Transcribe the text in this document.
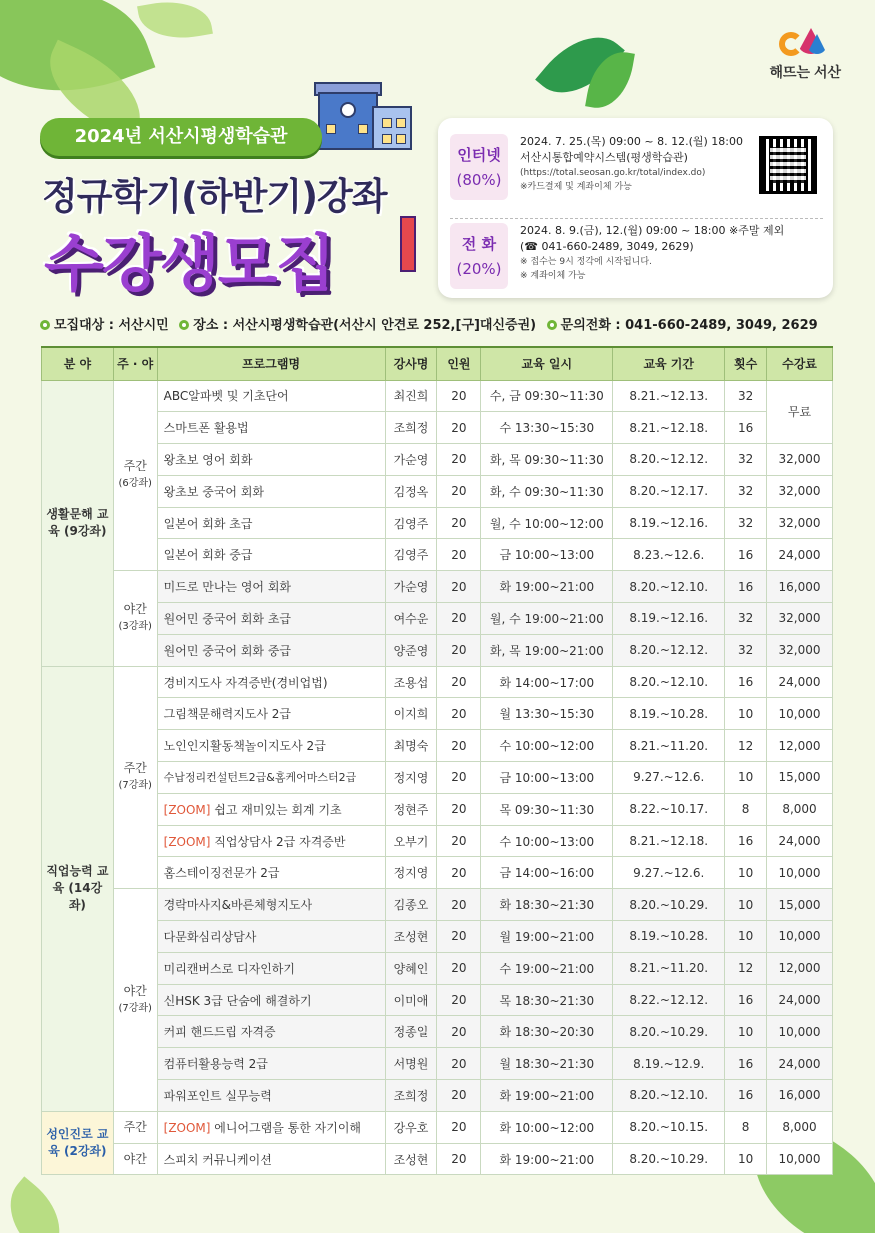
해뜨는 서산
2024년 서산시평생학습관
정규학기(하반기)강좌
수강생모집
인터넷
(80%)
2024. 7. 25.(목) 09:00 ~ 8. 12.(월) 18:00
서산시통합예약시스템(평생학습관)
(https://total.seosan.go.kr/total/index.do)
※카드결제 및 계좌이체 가능
전 화
(20%)
2024. 8. 9.(금), 12.(월) 09:00 ~ 18:00 ※주말 제외
(☎ 041-660-2489, 3049, 2629)
※ 접수는 9시 정각에 시작됩니다.
※ 계좌이체 가능
모집대상 : 서산시민 장소 : 서산시평생학습관(서산시 안견로 252,[구]대신증권) 문의전화 : 041-660-2489, 3049, 2629
분 야	주 · 야	프로그램명	강사명	인원	교육 일시	교육 기간	횟수	수강료
생활문해 교 육 (9강좌)	주간
(6강좌)	ABC알파벳 및 기초단어	최진희	20	수, 금 09:30~11:30	8.21.~12.13.	32	무료
		스마트폰 활용법	조희정	20	수 13:30~15:30	8.21.~12.18.	16	
		왕초보 영어 회화	가순영	20	화, 목 09:30~11:30	8.20.~12.12.	32	32,000
		왕초보 중국어 회화	김정옥	20	화, 수 09:30~11:30	8.20.~12.17.	32	32,000
		일본어 회화 초급	김영주	20	월, 수 10:00~12:00	8.19.~12.16.	32	32,000
		일본어 회화 중급	김영주	20	금 10:00~13:00	8.23.~12.6.	16	24,000
	야간
(3강좌)	미드로 만나는 영어 회화	가순영	20	화 19:00~21:00	8.20.~12.10.	16	16,000
		원어민 중국어 회화 초급	여수운	20	월, 수 19:00~21:00	8.19.~12.16.	32	32,000
		원어민 중국어 회화 중급	양준영	20	화, 목 19:00~21:00	8.20.~12.12.	32	32,000
직업능력 교 육 (14강좌)	주간
(7강좌)	경비지도사 자격증반(경비업법)	조용섭	20	화 14:00~17:00	8.20.~12.10.	16	24,000
		그림책문해력지도사 2급	이지희	20	월 13:30~15:30	8.19.~10.28.	10	10,000
		노인인지활동책놀이지도사 2급	최명숙	20	수 10:00~12:00	8.21.~11.20.	12	12,000
		수납정리컨설턴트2급&홈케어마스터2급	정지영	20	금 10:00~13:00	9.27.~12.6.	10	15,000
		[ZOOM] 쉽고 재미있는 회계 기초	정현주	20	목 09:30~11:30	8.22.~10.17.	8	8,000
		[ZOOM] 직업상담사 2급 자격증반	오부기	20	수 10:00~13:00	8.21.~12.18.	16	24,000
		홈스테이징전문가 2급	정지영	20	금 14:00~16:00	9.27.~12.6.	10	10,000
	야간
(7강좌)	경락마사지&바른체형지도사	김종오	20	화 18:30~21:30	8.20.~10.29.	10	15,000
		다문화심리상담사	조성현	20	월 19:00~21:00	8.19.~10.28.	10	10,000
		미리캔버스로 디자인하기	양혜인	20	수 19:00~21:00	8.21.~11.20.	12	12,000
		신HSK 3급 단숨에 해결하기	이미애	20	목 18:30~21:30	8.22.~12.12.	16	24,000
		커피 핸드드립 자격증	정종일	20	화 18:30~20:30	8.20.~10.29.	10	10,000
		컴퓨터활용능력 2급	서명원	20	월 18:30~21:30	8.19.~12.9.	16	24,000
		파워포인트 실무능력	조희정	20	화 19:00~21:00	8.20.~12.10.	16	16,000
성인진로 교 육 (2강좌)	주간	[ZOOM] 에니어그램을 통한 자기이해	강우호	20	화 10:00~12:00	8.20.~10.15.	8	8,000
	야간	스피치 커뮤니케이션	조성현	20	화 19:00~21:00	8.20.~10.29.	10	10,000
